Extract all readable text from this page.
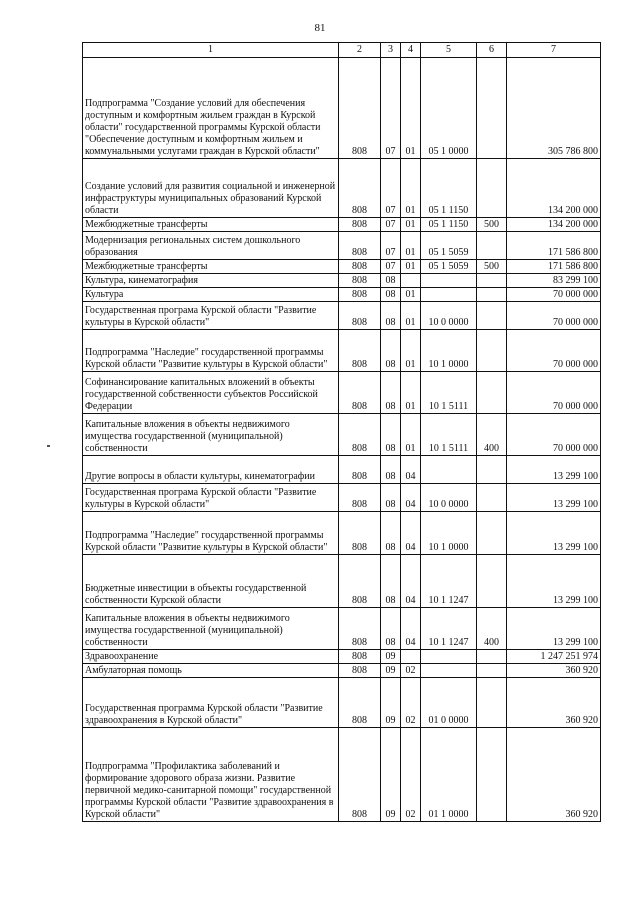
81
1	2	3	4	5	6	7
Подпрограмма "Создание условий для обеспечения доступным и комфортным жильем граждан в Курской области" государственной программы Курской области "Обеспечение доступным и комфортным жильем и коммунальными услугами граждан в Курской области"	808	07	01	05 1 0000		305 786 800
Создание условий для развития социальной и инженерной инфраструктуры муниципальных образований Курской области	808	07	01	05 1 1150		134 200 000
Межбюджетные трансферты	808	07	01	05 1 1150	500	134 200 000
Модернизация региональных систем дошкольного образования	808	07	01	05 1 5059		171 586 800
Межбюджетные трансферты	808	07	01	05 1 5059	500	171 586 800
Культура, кинематография	808	08				83 299 100
Культура	808	08	01			70 000 000
Государственная програма Курской области "Развитие культуры в Курской области"	808	08	01	10 0 0000		70 000 000
Подпрограмма "Наследие" государственной программы Курской области "Развитие культуры в Курской области"	808	08	01	10 1 0000		70 000 000
Софинансирование капитальных вложений в объекты государственной собственности субъектов Российской Федерации	808	08	01	10 1 5111		70 000 000
Капитальные вложения в объекты недвижимого имущества государственной (муниципальной) собственности	808	08	01	10 1 5111	400	70 000 000
Другие вопросы в области культуры, кинематографии	808	08	04			13 299 100
Государственная програма Курской области "Развитие культуры в Курской области"	808	08	04	10 0 0000		13 299 100
Подпрограмма "Наследие" государственной программы Курской области "Развитие культуры в Курской области"	808	08	04	10 1 0000		13 299 100
Бюджетные инвестиции в объекты государственной собственности Курской области	808	08	04	10 1 1247		13 299 100
Капитальные вложения в объекты недвижимого имущества государственной (муниципальной) собственности	808	08	04	10 1 1247	400	13 299 100
Здравоохранение	808	09				1 247 251 974
Амбулаторная помощь	808	09	02			360 920
Государственная программа Курской области "Развитие здравоохранения в Курской области"	808	09	02	01 0 0000		360 920
Подпрограмма "Профилактика заболеваний и формирование здорового образа жизни. Развитие первичной медико-санитарной помощи" государственной программы Курской области "Развитие здравоохранения в Курской области"	808	09	02	01 1 0000		360 920
